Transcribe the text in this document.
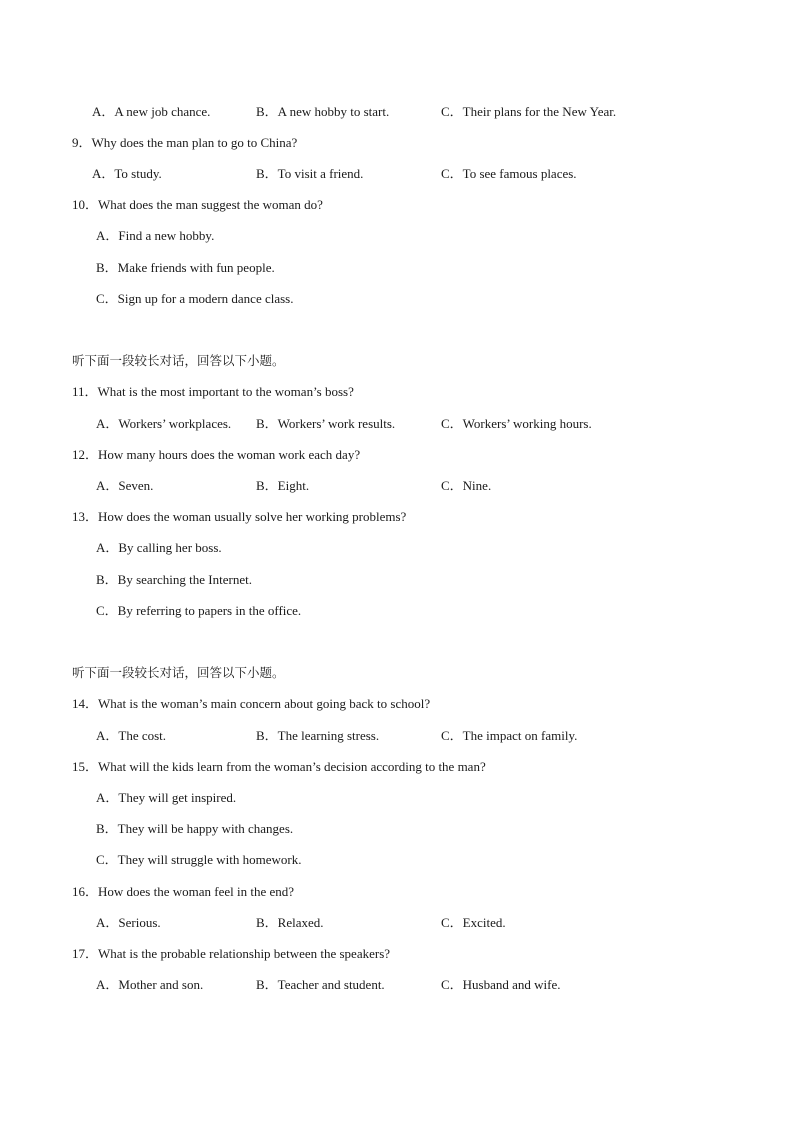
A．A new job chance.	B．A new hobby to start.	C．Their plans for the New Year.
9．Why does the man plan to go to China?
A．To study.	B．To visit a friend.	C．To see famous places.
10．What does the man suggest the woman do?
A．Find a new hobby.
B．Make friends with fun people.
C．Sign up for a modern dance class.
听下面一段较长对话，回答以下小题。
11．What is the most important to the woman’s boss?
A．Workers’ workplaces. B．Workers’ work results.	C．Workers’ working hours.
12．How many hours does the woman work each day?
A．Seven.	B．Eight.	C．Nine.
13．How does the woman usually solve her working problems?
A．By calling her boss.
B．By searching the Internet.
C．By referring to papers in the office.
听下面一段较长对话，回答以下小题。
14．What is the woman’s main concern about going back to school?
A．The cost.	B．The learning stress.	C．The impact on family.
15．What will the kids learn from the woman’s decision according to the man?
A．They will get inspired.
B．They will be happy with changes.
C．They will struggle with homework.
16．How does the woman feel in the end?
A．Serious.	B．Relaxed.	C．Excited.
17．What is the probable relationship between the speakers?
A．Mother and son.	B．Teacher and student.	C．Husband and wife.
